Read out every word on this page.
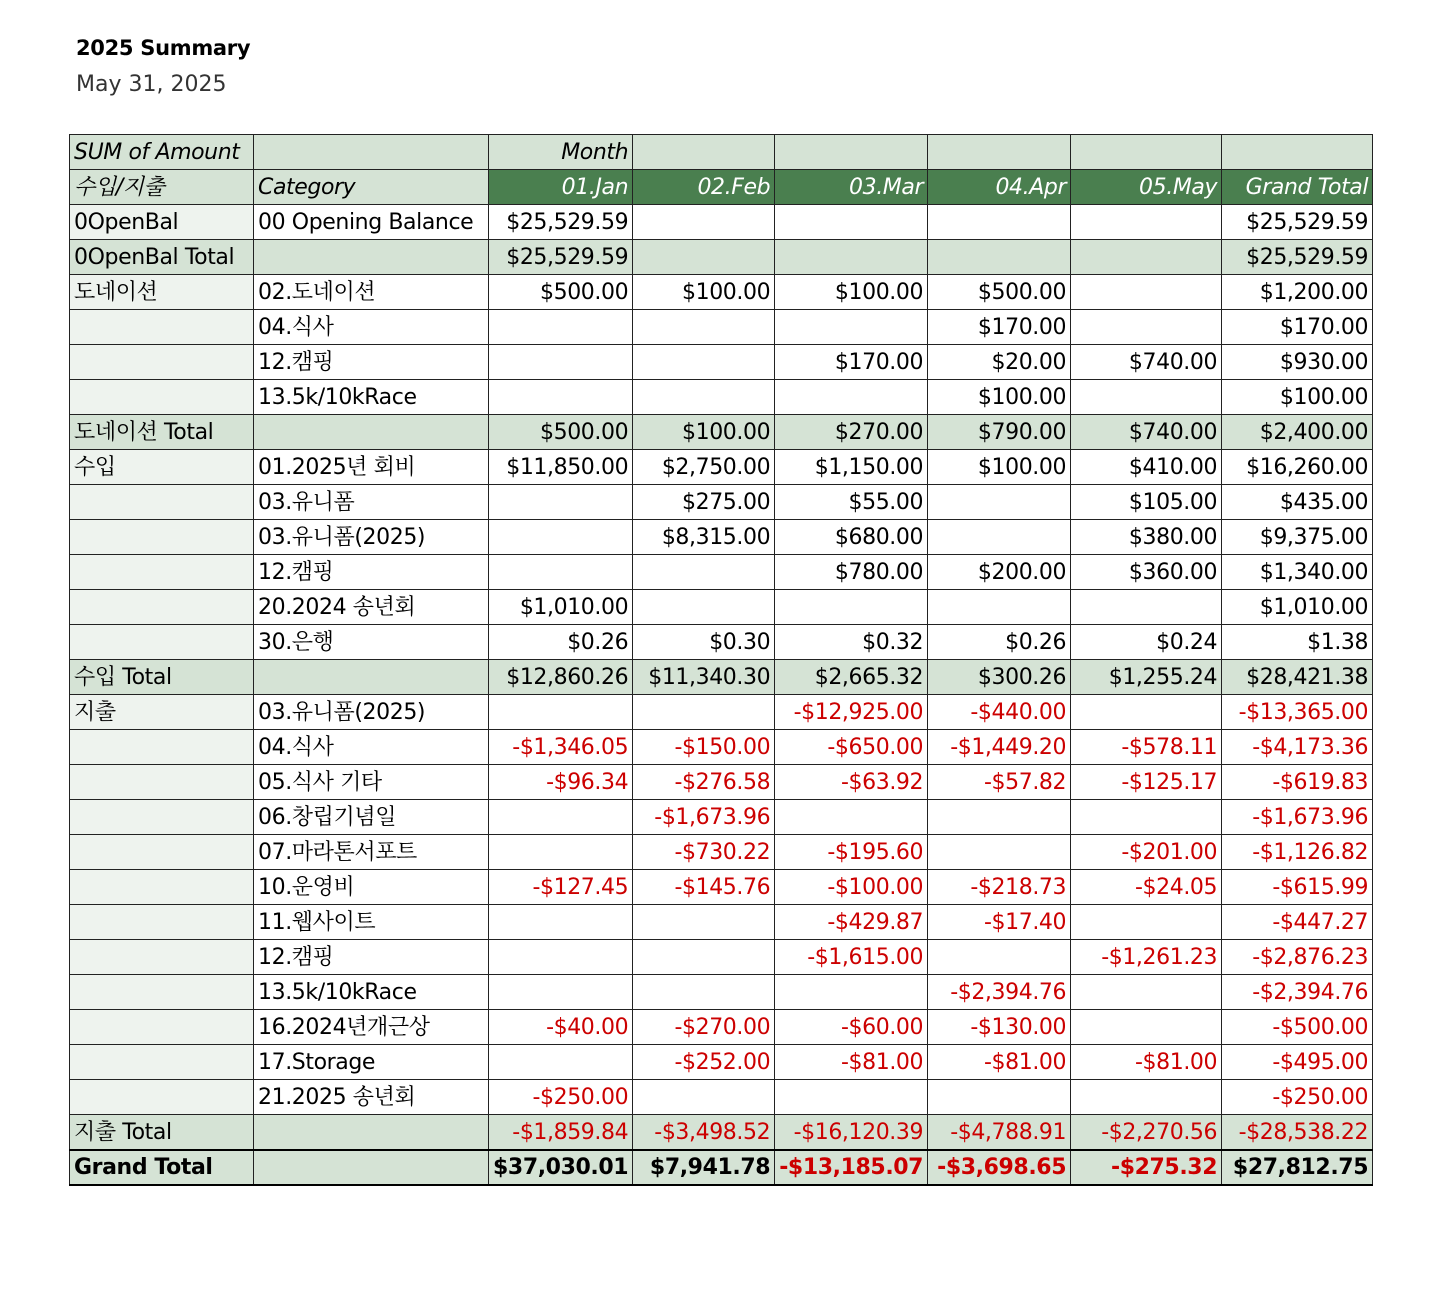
2025 Summary
May 31, 2025
SUM of Amount		Month					
수입/지출	Category	01.Jan	02.Feb	03.Mar	04.Apr	05.May	Grand Total
0OpenBal	00 Opening Balance	$25,529.59					$25,529.59
0OpenBal Total		$25,529.59					$25,529.59
도네이션	02.도네이션	$500.00	$100.00	$100.00	$500.00		$1,200.00
	04.식사				$170.00		$170.00
	12.캠핑			$170.00	$20.00	$740.00	$930.00
	13.5k/10kRace				$100.00		$100.00
도네이션 Total		$500.00	$100.00	$270.00	$790.00	$740.00	$2,400.00
수입	01.2025년 회비	$11,850.00	$2,750.00	$1,150.00	$100.00	$410.00	$16,260.00
	03.유니폼		$275.00	$55.00		$105.00	$435.00
	03.유니폼(2025)		$8,315.00	$680.00		$380.00	$9,375.00
	12.캠핑			$780.00	$200.00	$360.00	$1,340.00
	20.2024 송년회	$1,010.00					$1,010.00
	30.은행	$0.26	$0.30	$0.32	$0.26	$0.24	$1.38
수입 Total		$12,860.26	$11,340.30	$2,665.32	$300.26	$1,255.24	$28,421.38
지출	03.유니폼(2025)			-$12,925.00	-$440.00		-$13,365.00
	04.식사	-$1,346.05	-$150.00	-$650.00	-$1,449.20	-$578.11	-$4,173.36
	05.식사 기타	-$96.34	-$276.58	-$63.92	-$57.82	-$125.17	-$619.83
	06.창립기념일		-$1,673.96				-$1,673.96
	07.마라톤서포트		-$730.22	-$195.60		-$201.00	-$1,126.82
	10.운영비	-$127.45	-$145.76	-$100.00	-$218.73	-$24.05	-$615.99
	11.웹사이트			-$429.87	-$17.40		-$447.27
	12.캠핑			-$1,615.00		-$1,261.23	-$2,876.23
	13.5k/10kRace				-$2,394.76		-$2,394.76
	16.2024년개근상	-$40.00	-$270.00	-$60.00	-$130.00		-$500.00
	17.Storage		-$252.00	-$81.00	-$81.00	-$81.00	-$495.00
	21.2025 송년회	-$250.00					-$250.00
지출 Total		-$1,859.84	-$3,498.52	-$16,120.39	-$4,788.91	-$2,270.56	-$28,538.22
Grand Total		$37,030.01	$7,941.78	-$13,185.07	-$3,698.65	-$275.32	$27,812.75
